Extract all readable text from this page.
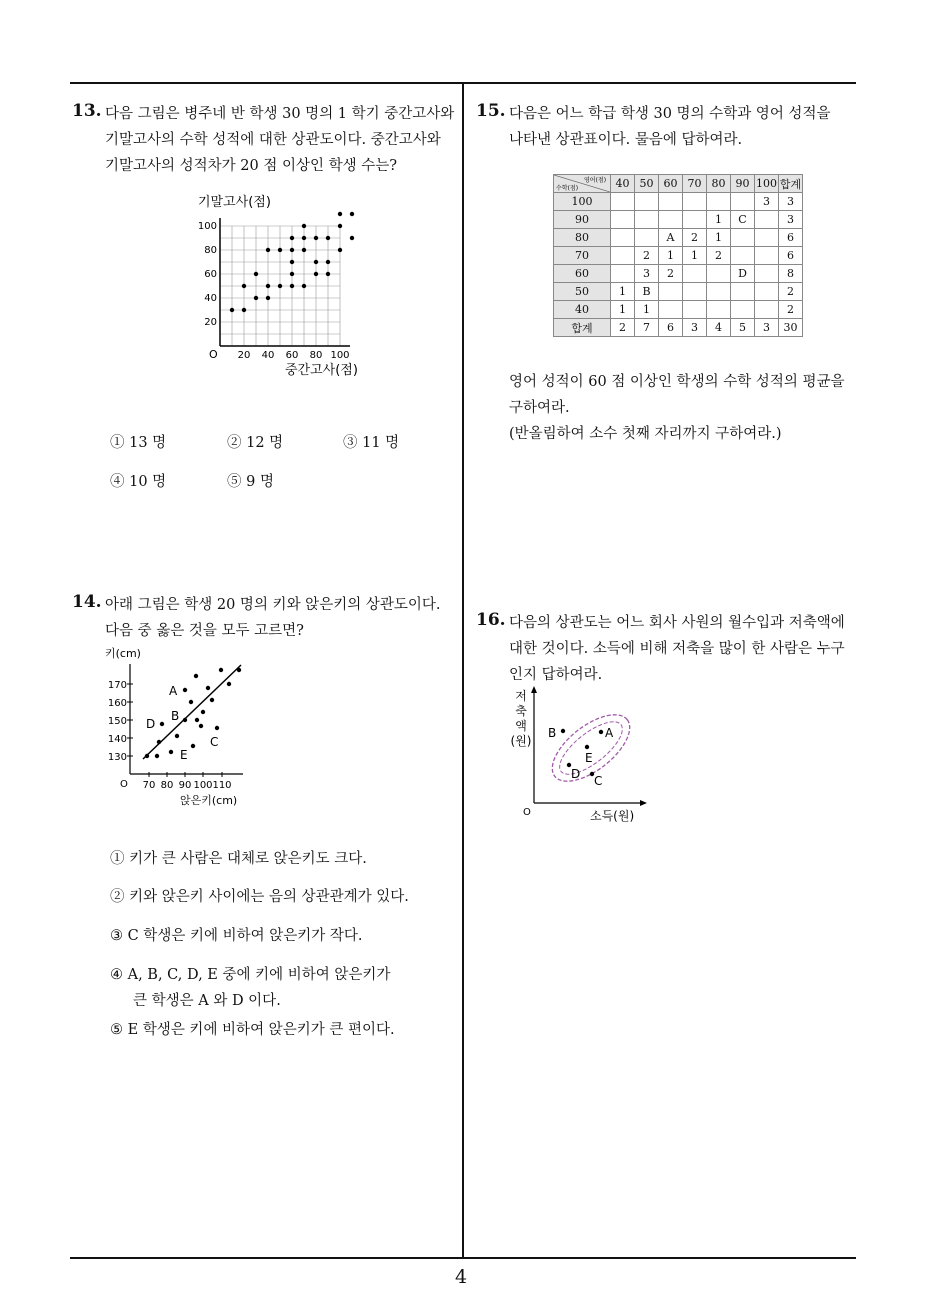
4
13. 다음 그림은 병주네 반 학생 30 명의 1 학기 중간고사와
기말고사의 수학 성적에 대한 상관도이다. 중간고사와
기말고사의 성적차가 20 점 이상인 학생 수는?
기말고사(점)
O 20 40 60 80 100
20
40
60
80
100
중간고사(점)
① 13 명	② 12 명	③ 11 명
④ 10 명	⑤ 9 명
14. 아래 그림은 학생 20 명의 키와 앉은키의 상관도이다.
다음 중 옳은 것을 모두 고르면?
키(cm)
O
130
140
150
160
170
70 80 90 100 110
A
B
C
D
E
앉은키(cm)
① 키가 큰 사람은 대체로 앉은키도 크다.
② 키와 앉은키 사이에는 음의 상관관계가 있다.
③ C 학생은 키에 비하여 앉은키가 작다.
④ A, B, C, D, E 중에 키에 비하여 앉은키가
큰 학생은 A 와 D 이다.
⑤ E 학생은 키에 비하여 앉은키가 큰 편이다.
15. 다음은 어느 학급 학생 30 명의 수학과 영어 성적을
나타낸 상관표이다. 물음에 답하여라.
영어(점)
수학(점)	40	50	60	70	80	90	100	합계
100							3	3
90					1	C		3
80			A	2	1			6
70		2	1	1	2			6
60		3	2			D		8
50	1	B						2
40	1	1						2
합계	2	7	6	3	4	5	3	30
영어 성적이 60 점 이상인 학생의 수학 성적의 평균을
구하여라.
(반올림하여 소수 첫째 자리까지 구하여라.)
16. 다음의 상관도는 어느 회사 사원의 월수입과 저축액에
대한 것이다. 소득에 비해 저축을 많이 한 사람은 누구
인지 답하여라.
저
축
액
(원)
O
A
B
C
D
E
소득(원)
